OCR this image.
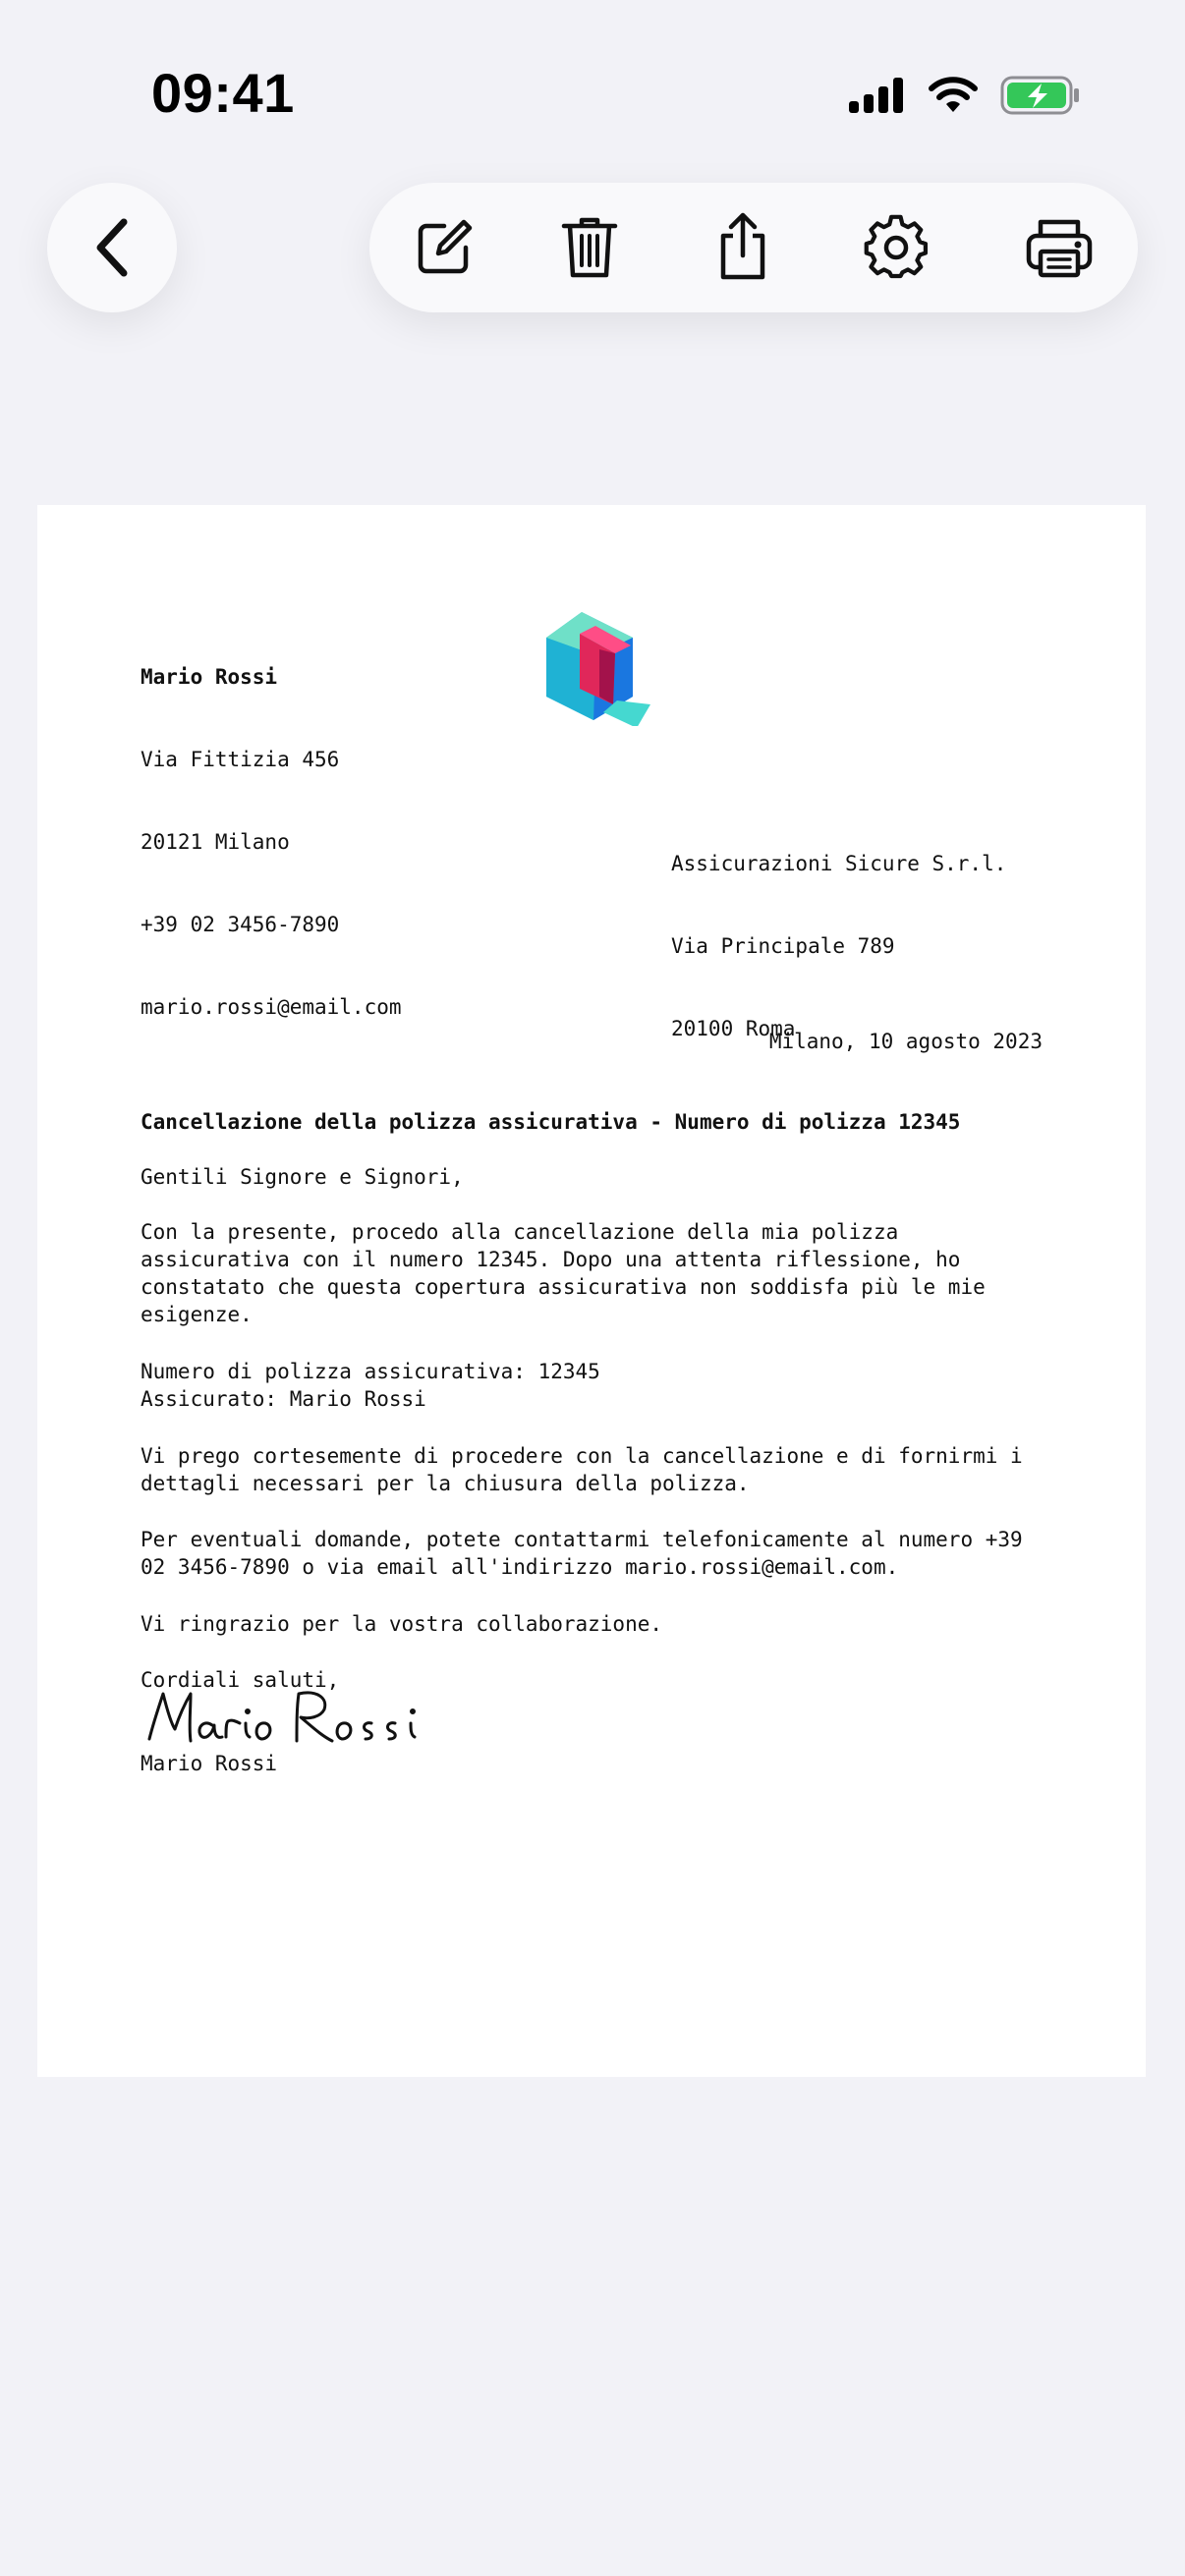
09:41

Mario Rossi

Via Fittizia 456

20121 Milano

+39 02 3456-7890

mario.rossi@email.com

Assicurazioni Sicure S.r.l.

Via Principale 789

20100 Roma

Milano, 10 agosto 2023
Cancellazione della polizza assicurativa - Numero di polizza 12345
Gentili Signore e Signori,
Con la presente, procedo alla cancellazione della mia polizza
assicurativa con il numero 12345. Dopo una attenta riflessione, ho
constatato che questa copertura assicurativa non soddisfa più le mie
esigenze.
Numero di polizza assicurativa: 12345
Assicurato: Mario Rossi
Vi prego cortesemente di procedere con la cancellazione e di fornirmi i
dettagli necessari per la chiusura della polizza.
Per eventuali domande, potete contattarmi telefonicamente al numero +39
02 3456-7890 o via email all'indirizzo mario.rossi@email.com.
Vi ringrazio per la vostra collaborazione.
Cordiali saluti,
Mario Rossi
